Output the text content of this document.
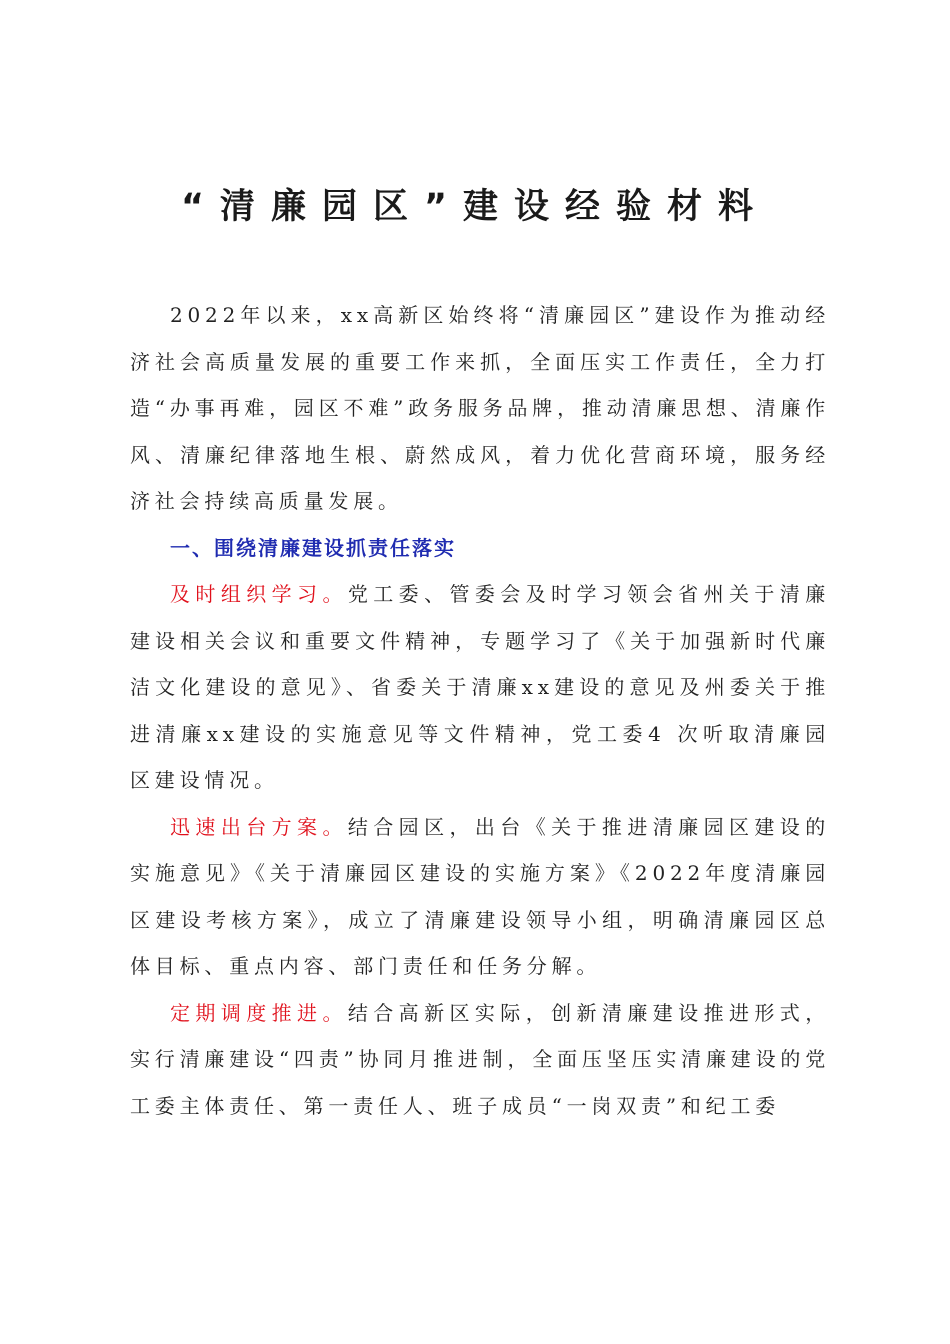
“清廉园区”建设经验材料

2022年以来，xx高新区始终将“清廉园区”建设作为推动经济社会高质量发展的重要工作来抓，全面压实工作责任，全力打造“办事再难，园区不难”政务服务品牌，推动清廉思想、清廉作风、清廉纪律落地生根、蔚然成风，着力优化营商环境，服务经济社会持续高质量发展。

一、围绕清廉建设抓责任落实

及时组织学习。党工委、管委会及时学习领会省州关于清廉建设相关会议和重要文件精神，专题学习了《关于加强新时代廉洁文化建设的意见》、省委关于清廉xx建设的意见及州委关于推进清廉xx建设的实施意见等文件精神，党工委4 次听取清廉园区建设情况。

迅速出台方案。结合园区，出台《关于推进清廉园区建设的实施意见》《关于清廉园区建设的实施方案》《2022年度清廉园区建设考核方案》，成立了清廉建设领导小组，明确清廉园区总体目标、重点内容、部门责任和任务分解。

定期调度推进。结合高新区实际，创新清廉建设推进形式，实行清廉建设“四责”协同月推进制，全面压坚压实清廉建设的党工委主体责任、第一责任人、班子成员“一岗双责”和纪工委
